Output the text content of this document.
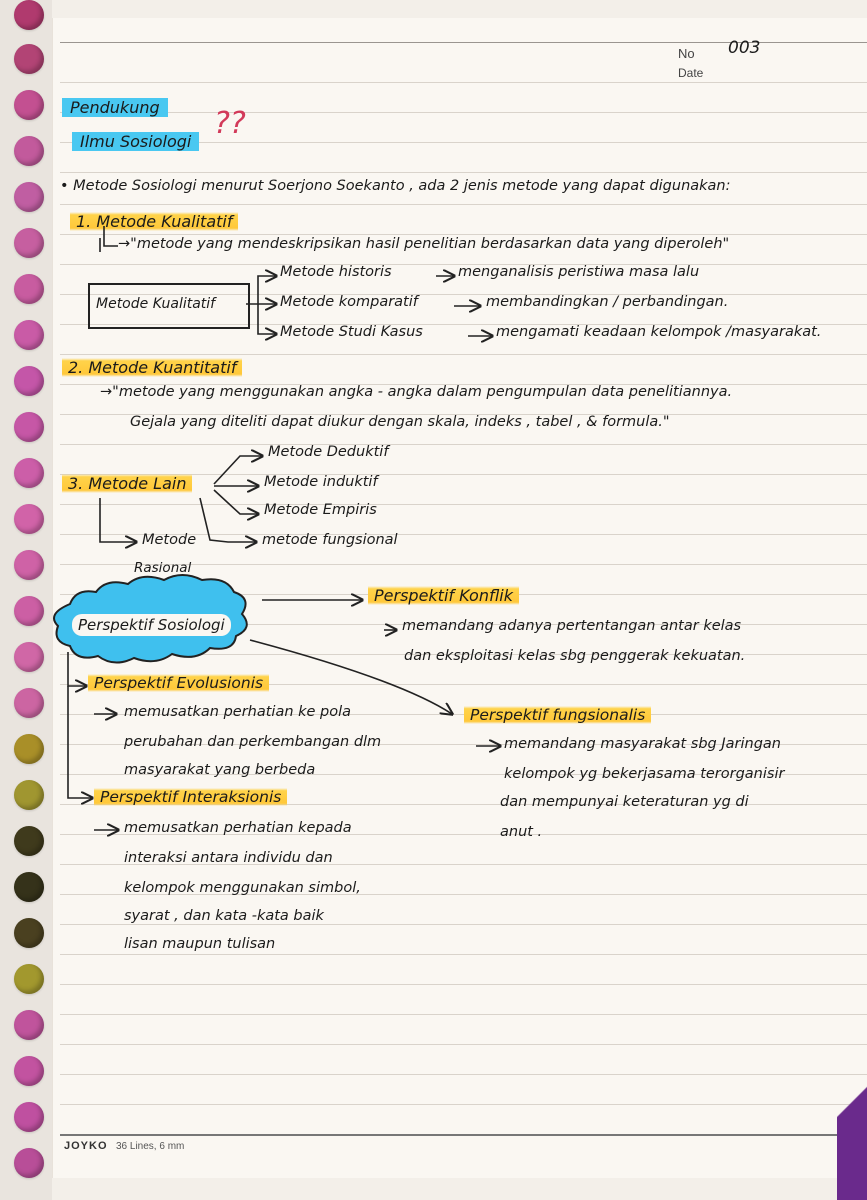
No 003
Date
Pendukung
Ilmu Sosiologi
??
• Metode Sosiologi menurut Soerjono Soekanto , ada 2 jenis metode yang dapat digunakan:
1. Metode Kualitatif
→"metode yang mendeskripsikan hasil penelitian berdasarkan data yang diperoleh"
Metode Kualitatif
Metode historis	menganalisis peristiwa masa lalu
Metode komparatif	membandingkan / perbandingan.
Metode Studi Kasus	mengamati keadaan kelompok /masyarakat.
2. Metode Kuantitatif
→"metode yang menggunakan angka - angka dalam pengumpulan data penelitiannya.
Gejala yang diteliti dapat diukur dengan skala, indeks , tabel , & formula."
3. Metode Lain
Metode Deduktif
Metode induktif
Metode Empiris
Metode
Rasional
metode fungsional
Perspektif Sosiologi
Perspektif Konflik
memandang adanya pertentangan antar kelas
dan eksploitasi kelas sbg penggerak kekuatan.
Perspektif Evolusionis
memusatkan perhatian ke pola
perubahan dan perkembangan dlm
masyarakat yang berbeda
Perspektif fungsionalis
memandang masyarakat sbg Jaringan
kelompok yg bekerjasama terorganisir
dan mempunyai keteraturan yg di
anut .
Perspektif Interaksionis
memusatkan perhatian kepada
interaksi antara individu dan
kelompok menggunakan simbol,
syarat , dan kata -kata baik
lisan maupun tulisan
JOYKO 36 Lines, 6 mm
